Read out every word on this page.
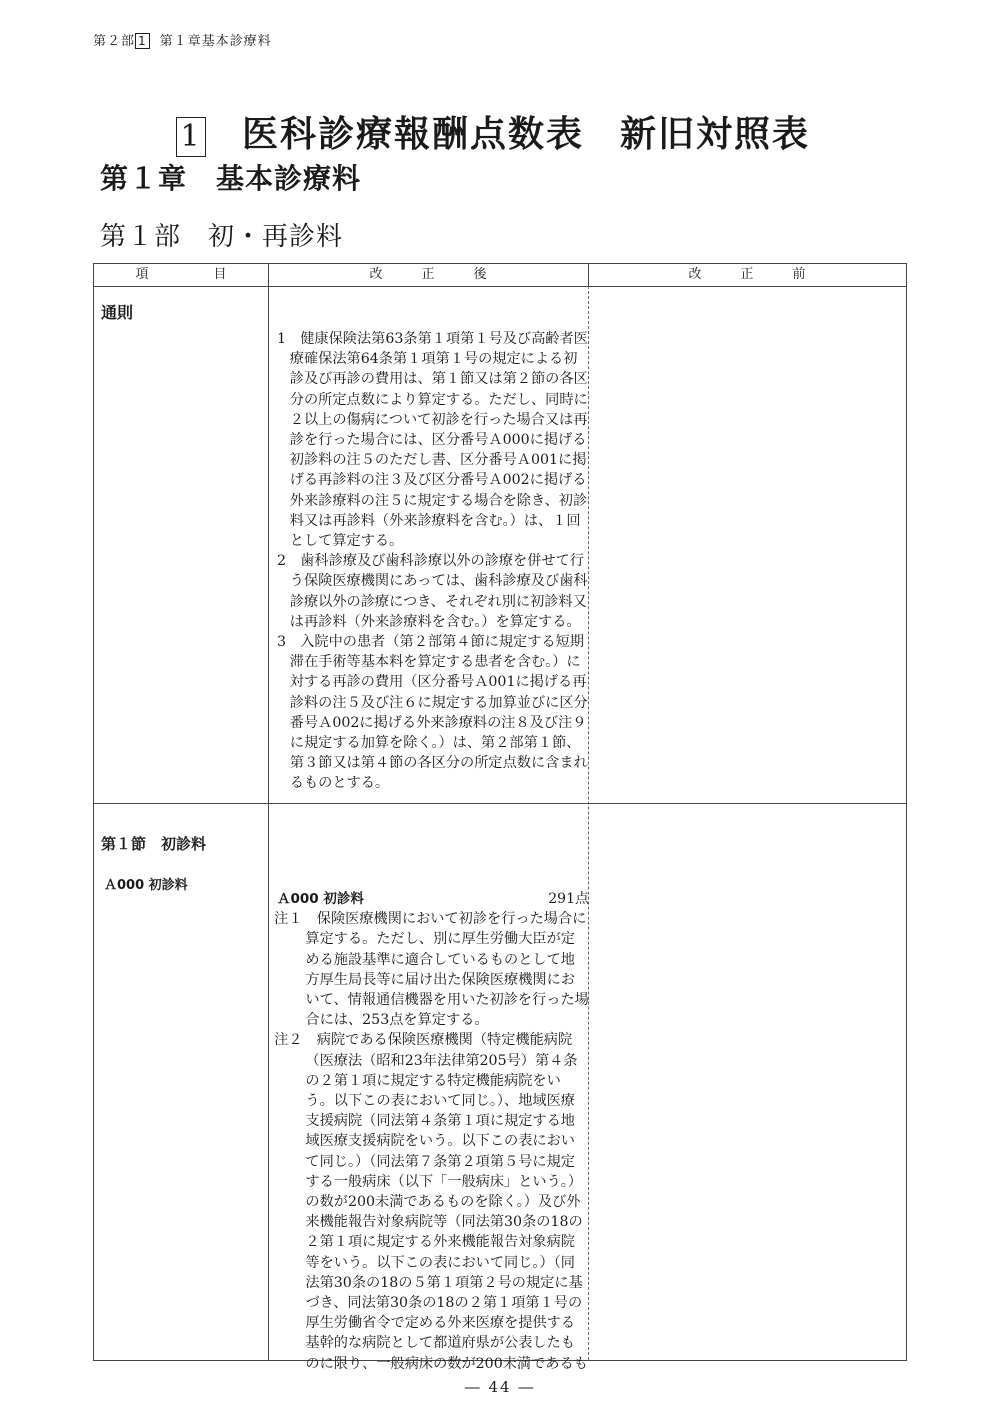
第２部 1 第１章基本診療料
1 医科診療報酬点数表 新旧対照表
第１章　基本診療料
第１部　初・再診料
項　　　　　目	改　　　正　　　後	改　　　正　　　前
通則

1　 健康保険法第63条第１項第１号及び高齢者医療確保法第64条第１項第１号の規定による初診及び再診の費用は、第１節又は第２節の各区分の所定点数により算定する。ただし、同時に２以上の傷病について初診を行った場合又は再診を行った場合には、区分番号Ａ000に掲げる初診料の注５のただし書、区分番号Ａ001に掲げる再診料の注３及び区分番号Ａ002に掲げる外来診療料の注５に規定する場合を除き、初診料又は再診料（外来診療料を含む。）は、１回として算定する。

2　 歯科診療及び歯科診療以外の診療を併せて行う保険医療機関にあっては、歯科診療及び歯科診療以外の診療につき、それぞれ別に初診料又は再診料（外来診療料を含む。）を算定する。

3　 入院中の患者（第２部第４節に規定する短期滞在手術等基本料を算定する患者を含む。）に対する再診の費用（区分番号Ａ001に掲げる再診料の注５及び注６に規定する加算並びに区分番号Ａ002に掲げる外来診療料の注８及び注９に規定する加算を除く。）は、第２部第１節、第３節又は第４節の各区分の所定点数に含まれるものとする。

第１節　初診料
Ａ000 初診料
Ａ000 初診料	291点

注１　 保険医療機関において初診を行った場合に算定する。ただし、別に厚生労働大臣が定める施設基準に適合しているものとして地方厚生局長等に届け出た保険医療機関において、情報通信機器を用いた初診を行った場合には、253点を算定する。

注２　 病院である保険医療機関（特定機能病院（医療法（昭和23年法律第205号）第４条の２第１項に規定する特定機能病院をいう。以下この表において同じ。）、地域医療支援病院（同法第４条第１項に規定する地域医療支援病院をいう。以下この表において同じ。）（同法第７条第２項第５号に規定する一般病床（以下「一般病床」という。）の数が200未満であるものを除く。）及び外来機能報告対象病院等（同法第30条の18の２第１項に規定する外来機能報告対象病院等をいう。以下この表において同じ。）（同法第30条の18の５第１項第２号の規定に基づき、同法第30条の18の２第１項第１号の厚生労働省令で定める外来医療を提供する基幹的な病院として都道府県が公表したものに限り、一般病床の数が200未満であるも

― 44 ―
